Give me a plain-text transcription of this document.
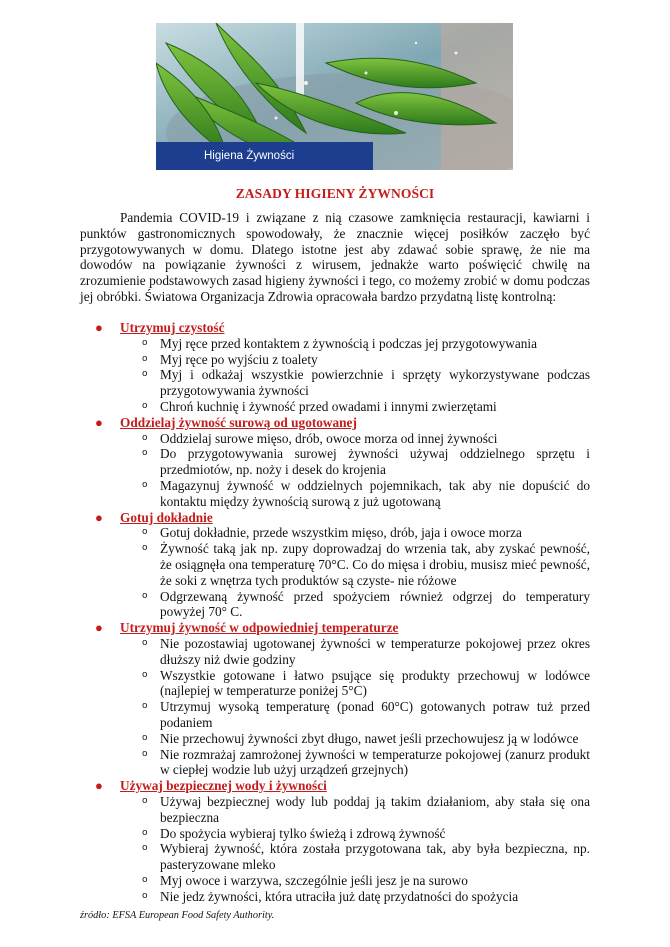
Higiena Żywności
ZASADY HIGIENY ŻYWNOŚCI

Pandemia COVID-19 i związane z nią czasowe zamknięcia restauracji, kawiarni i punktów gastronomicznych spowodowały, że znacznie więcej posiłków zaczęło być przygotowywanych w domu. Dlatego istotne jest aby zdawać sobie sprawę, że nie ma dowodów na powiązanie żywności z wirusem, jednakże warto poświęcić chwilę na zrozumienie podstawowych zasad higieny żywności i tego, co możemy zrobić w domu podczas jej obróbki. Światowa Organizacja Zdrowia opracowała bardzo przydatną listę kontrolną:

● Utrzymuj czystość
o Myj ręce przed kontaktem z żywnością i podczas jej przygotowywania
o Myj ręce po wyjściu z toalety
o Myj i odkażaj wszystkie powierzchnie i sprzęty wykorzystywane podczas przygotowywania żywności
o Chroń kuchnię i żywność przed owadami i innymi zwierzętami
● Oddzielaj żywność surową od ugotowanej
o Oddzielaj surowe mięso, drób, owoce morza od innej żywności
o Do przygotowywania surowej żywności używaj oddzielnego sprzętu i przedmiotów, np. noży i desek do krojenia
o Magazynuj żywność w oddzielnych pojemnikach, tak aby nie dopuścić do kontaktu między żywnością surową z już ugotowaną
● Gotuj dokładnie
o Gotuj dokładnie, przede wszystkim mięso, drób, jaja i owoce morza
o Żywność taką jak np. zupy doprowadzaj do wrzenia tak, aby zyskać pewność, że osiągnęła ona temperaturę 70°C. Co do mięsa i drobiu, musisz mieć pewność, że soki z wnętrza tych produktów są czyste- nie różowe
o Odgrzewaną żywność przed spożyciem również odgrzej do temperatury powyżej 70° C.
● Utrzymuj żywność w odpowiedniej temperaturze
o Nie pozostawiaj ugotowanej żywności w temperaturze pokojowej przez okres dłuższy niż dwie godziny
o Wszystkie gotowane i łatwo psujące się produkty przechowuj w lodówce (najlepiej w temperaturze poniżej 5°C)
o Utrzymuj wysoką temperaturę (ponad 60°C) gotowanych potraw tuż przed podaniem
o Nie przechowuj żywności zbyt długo, nawet jeśli przechowujesz ją w lodówce
o Nie rozmrażaj zamrożonej żywności w temperaturze pokojowej (zanurz produkt w ciepłej wodzie lub użyj urządzeń grzejnych)
● Używaj bezpiecznej wody i żywności
o Używaj bezpiecznej wody lub poddaj ją takim działaniom, aby stała się ona bezpieczna
o Do spożycia wybieraj tylko świeżą i zdrową żywność
o Wybieraj żywność, która została przygotowana tak, aby była bezpieczna, np. pasteryzowane mleko
o Myj owoce i warzywa, szczególnie jeśli jesz je na surowo
o Nie jedz żywności, która utraciła już datę przydatności do spożycia
źródło: EFSA European Food Safety Authority.
